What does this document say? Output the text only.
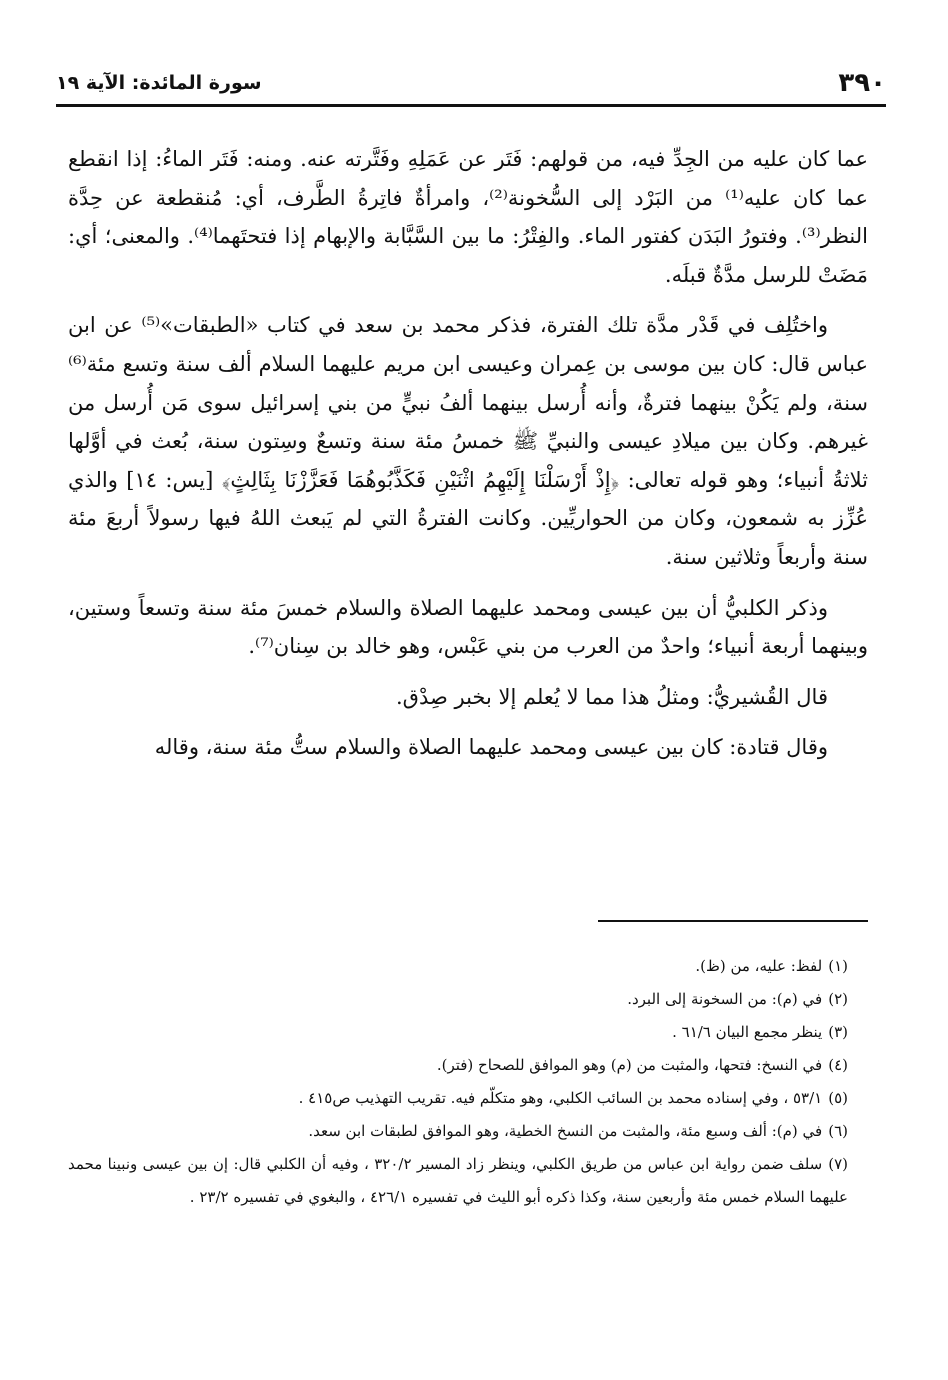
٣٩٠
سورة المائدة: الآية ١٩

عما كان عليه من الجِدِّ فيه، من قولهم: فَتَر عن عَمَلِهِ وفَتَّرته عنه. ومنه: فَتَر الماءُ: إذا انقطع عما كان عليه⁽¹⁾ من البَرْد إلى السُّخونة⁽²⁾، وامرأةٌ فاتِرةُ الطَّرف، أي: مُنقطعة عن حِدَّة النظر⁽³⁾. وفتورُ البَدَن كفتور الماء. والفِتْرُ: ما بين السَّبَّابة والإبهام إذا فتحتَهما⁽⁴⁾. والمعنى؛ أي: مَضَتْ للرسل مدَّةٌ قبلَه.

واختُلِف في قَدْر مدَّة تلك الفترة، فذكر محمد بن سعد في كتاب «الطبقات»⁽⁵⁾ عن ابن عباس قال: كان بين موسى بن عِمران وعيسى ابن مريم عليهما السلام ألف سنة وتسع مئة⁽⁶⁾ سنة، ولم يَكُنْ بينهما فترةٌ، وأنه أُرسل بينهما ألفُ نبيٍّ من بني إسرائيل سوى مَن أُرسل من غيرهم. وكان بين ميلادِ عيسى والنبيِّ ﷺ خمسُ مئة سنة وتسعٌ وسِتون سنة، بُعث في أوَّلها ثلاثةُ أنبياء؛ وهو قوله تعالى: ﴿إِذْ أَرْسَلْنَا إِلَيْهِمُ اثْنَيْنِ فَكَذَّبُوهُمَا فَعَزَّزْنَا بِثَالِثٍ﴾ [يس: ١٤] والذي عُزِّز به شمعون، وكان من الحواريِّين. وكانت الفترةُ التي لم يَبعث اللهُ فيها رسولاً أربعَ مئة سنة وأربعاً وثلاثين سنة.

وذكر الكلبيُّ أن بين عيسى ومحمد عليهما الصلاة والسلام خمسَ مئة سنة وتسعاً وستين، وبينهما أربعة أنبياء؛ واحدٌ من العرب من بني عَبْس، وهو خالد بن سِنان⁽⁷⁾.

قال القُشيريُّ: ومثلُ هذا مما لا يُعلم إلا بخبر صِدْق.

وقال قتادة: كان بين عيسى ومحمد عليهما الصلاة والسلام ستُّ مئة سنة، وقاله

(١)لفظ: عليه، من (ظ).

(٢)في (م): من السخونة إلى البرد.

(٣)ينظر مجمع البيان ٦١/٦ .

(٤)في النسخ: فتحها، والمثبت من (م) وهو الموافق للصحاح (فتر).

(٥)٥٣/١ ، وفي إسناده محمد بن السائب الكلبي، وهو متكلّم فيه. تقريب التهذيب ص٤١٥ .

(٦)في (م): ألف وسبع مئة، والمثبت من النسخ الخطية، وهو الموافق لطبقات ابن سعد.

(٧)سلف ضمن رواية ابن عباس من طريق الكلبي، وينظر زاد المسير ٣٢٠/٢ ، وفيه أن الكلبي قال: إن بين عيسى ونبينا محمد عليهما السلام خمس مئة وأربعين سنة، وكذا ذكره أبو الليث في تفسيره ٤٢٦/١ ، والبغوي في تفسيره ٢٣/٢ .
